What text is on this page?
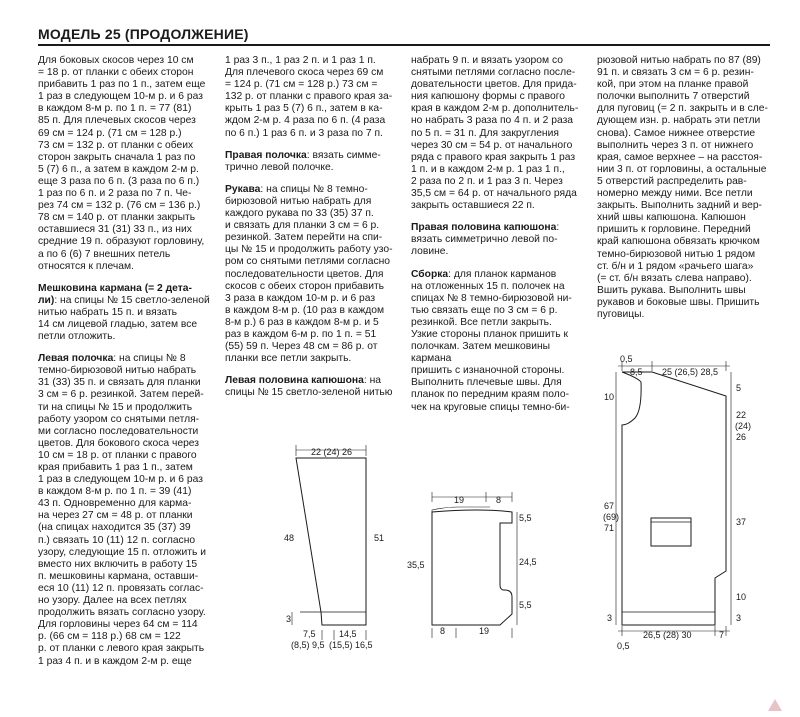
МОДЕЛЬ 25 (ПРОДОЛЖЕНИЕ)

Для боковых скосов через 10 см
= 18 р. от планки с обеих сторон
прибавить 1 раз по 1 п., затем еще
1 раз в следующем 10-м р. и 6 раз
в каждом 8-м р. по 1 п. = 77 (81)
85 п. Для плечевых скосов через
69 см = 124 р. (71 см = 128 р.)
73 см = 132 р. от планки с обеих
сторон закрыть сначала 1 раз по
5 (7) 6 п., а затем в каждом 2-м р.
еще 3 раза по 6 п. (3 раза по 6 п.)
1 раз по 6 п. и 2 раза по 7 п. Че-
рез 74 см = 132 р. (76 см = 136 р.)
78 см = 140 р. от планки закрыть
оставшиеся 31 (31) 33 п., из них
средние 19 п. образуют горловину,
а по 6 (6) 7 внешних петель
относятся к плечам.

Мешковина кармана (= 2 дета-
ли): на спицы № 15 светло-зеленой
нитью набрать 15 п. и вязать
14 см лицевой гладью, затем все
петли отложить.

Левая полочка: на спицы № 8
темно-бирюзовой нитью набрать
31 (33) 35 п. и связать для планки
3 см = 6 р. резинкой. Затем перей-
ти на спицы № 15 и продолжить
работу узором со снятыми петля-
ми согласно последовательности
цветов. Для бокового скоса через
10 см = 18 р. от планки с правого
края прибавить 1 раз 1 п., затем
1 раз в следующем 10-м р. и 6 раз
в каждом 8-м р. по 1 п. = 39 (41)
43 п. Одновременно для карма-
на через 27 см = 48 р. от планки
(на спицах находится 35 (37) 39
п.) связать 10 (11) 12 п. согласно
узору, следующие 15 п. отложить и
вместо них включить в работу 15
п. мешковины кармана, оставши-
еся 10 (11) 12 п. провязать соглас-
но узору. Далее на всех петлях
продолжить вязать согласно узору.
Для горловины через 64 см = 114
р. (66 см = 118 р.) 68 см = 122
р. от планки с левого края закрыть
1 раз 4 п. и в каждом 2-м р. еще

1 раз 3 п., 1 раз 2 п. и 1 раз 1 п.
Для плечевого скоса через 69 см
= 124 р. (71 см = 128 р.) 73 см =
132 р. от планки с правого края за-
крыть 1 раз 5 (7) 6 п., затем в ка-
ждом 2-м р. 4 раза по 6 п. (4 раза
по 6 п.) 1 раз 6 п. и 3 раза по 7 п.

Правая полочка: вязать симме-
трично левой полочке.

Рукава: на спицы № 8 темно-
бирюзовой нитью набрать для
каждого рукава по 33 (35) 37 п.
и связать для планки 3 см = 6 р.
резинкой. Затем перейти на спи-
цы № 15 и продолжить работу узо-
ром со снятыми петлями согласно
последовательности цветов. Для
скосов с обеих сторон прибавить
3 раза в каждом 10-м р. и 6 раз
в каждом 8-м р. (10 раз в каждом
8-м р.) 6 раз в каждом 8-м р. и 5
раз в каждом 6-м р. по 1 п. = 51
(55) 59 п. Через 48 см = 86 р. от
планки все петли закрыть.

Левая половина капюшона: на
спицы № 15 светло-зеленой нитью

набрать 9 п. и вязать узором со
снятыми петлями согласно после-
довательности цветов. Для прида-
ния капюшону формы с правого
края в каждом 2-м р. дополнитель-
но набрать 3 раза по 4 п. и 2 раза
по 5 п. = 31 п. Для закругления
через 30 см = 54 р. от начального
ряда с правого края закрыть 1 раз
1 п. и в каждом 2-м р. 1 раз 1 п.,
2 раза по 2 п. и 1 раз 3 п. Через
35,5 см = 64 р. от начального ряда
закрыть оставшиеся 22 п.

Правая половина капюшона:
вязать симметрично левой по-
ловине.

Сборка: для планок карманов
на отложенных 15 п. полочек на
спицах № 8 темно-бирюзовой ни-
тью связать еще по 3 см = 6 р.
резинкой. Все петли закрыть.
Узкие стороны планок пришить к
полочкам. Затем мешковины кармана
пришить с изнаночной стороны.
Выполнить плечевые швы. Для
планок по передним краям поло-
чек на круговые спицы темно-би-

рюзовой нитью набрать по 87 (89)
91 п. и связать 3 см = 6 р. резин-
кой, при этом на планке правой
полочки выполнить 7 отверстий
для пуговиц (= 2 п. закрыть и в сле-
дующем изн. р. набрать эти петли
снова). Самое нижнее отверстие
выполнить через 3 п. от нижнего
края, самое верхнее – на расстоя-
нии 3 п. от горловины, а остальные
5 отверстий распределить рав-
номерно между ними. Все петли
закрыть. Выполнить задний и вер-
хний швы капюшона. Капюшон
пришить к горловине. Передний
край капюшона обвязать крючком
темно-бирюзовой нитью 1 рядом
ст. б/н и 1 рядом «рачьего шага»
(= ст. б/н вязать слева направо).
Вшить рукава. Выполнить швы
рукавов и боковые швы. Пришить
пуговицы.

22 (24) 26
48	51
3
7,5
(8,5) 9,5
14,5
(15,5) 16,5
19	8
5,5
24,5
5,5
35,5
8	19
0,5
8,5 25 (26,5) 28,5
5
22
(24)
26
10
67
(69)
71
37
10
3
3
26,5 (28) 30	7
0,5
